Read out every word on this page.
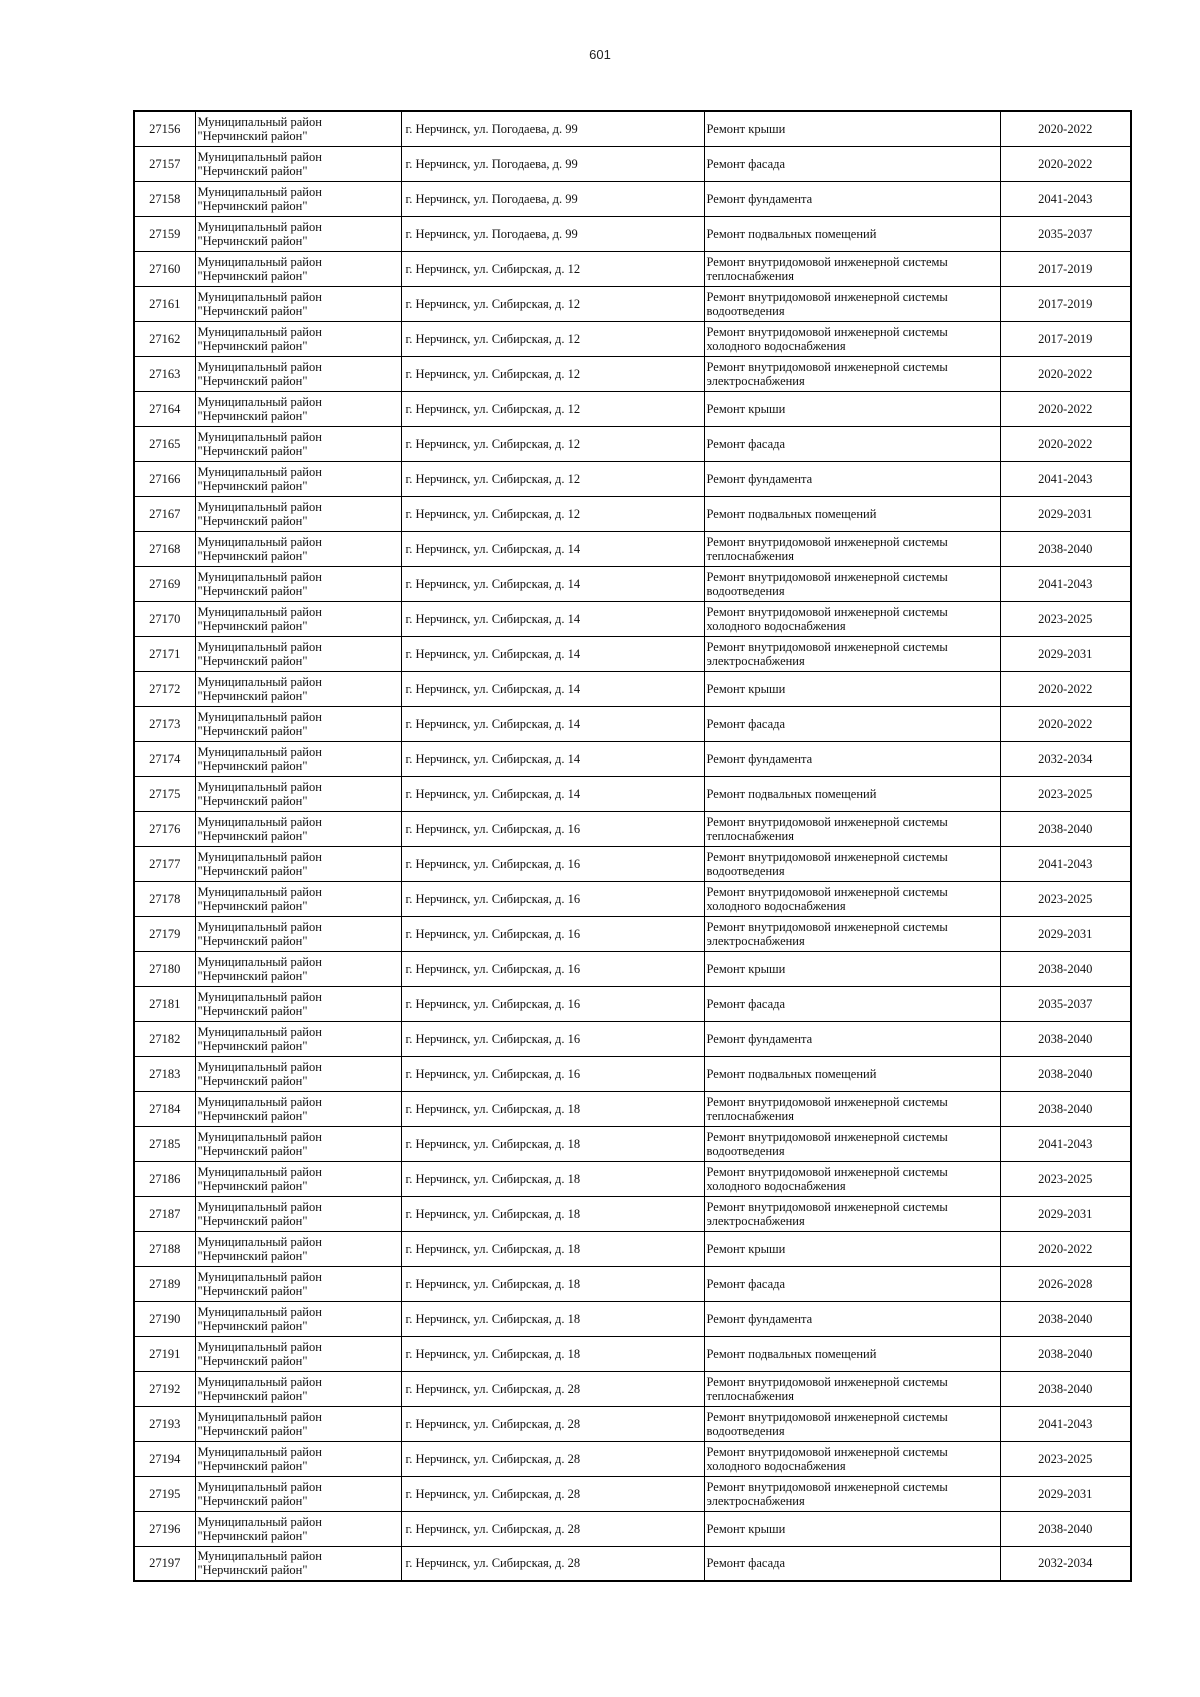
601
27156	Муниципальный район
"Нерчинский район"	г. Нерчинск, ул. Погодаева, д. 99	Ремонт крыши	2020-2022
27157	Муниципальный район
"Нерчинский район"	г. Нерчинск, ул. Погодаева, д. 99	Ремонт фасада	2020-2022
27158	Муниципальный район
"Нерчинский район"	г. Нерчинск, ул. Погодаева, д. 99	Ремонт фундамента	2041-2043
27159	Муниципальный район
"Нерчинский район"	г. Нерчинск, ул. Погодаева, д. 99	Ремонт подвальных помещений	2035-2037
27160	Муниципальный район
"Нерчинский район"	г. Нерчинск, ул. Сибирская, д. 12	Ремонт внутридомовой инженерной системы
теплоснабжения	2017-2019
27161	Муниципальный район
"Нерчинский район"	г. Нерчинск, ул. Сибирская, д. 12	Ремонт внутридомовой инженерной системы
водоотведения	2017-2019
27162	Муниципальный район
"Нерчинский район"	г. Нерчинск, ул. Сибирская, д. 12	Ремонт внутридомовой инженерной системы
холодного водоснабжения	2017-2019
27163	Муниципальный район
"Нерчинский район"	г. Нерчинск, ул. Сибирская, д. 12	Ремонт внутридомовой инженерной системы
электроснабжения	2020-2022
27164	Муниципальный район
"Нерчинский район"	г. Нерчинск, ул. Сибирская, д. 12	Ремонт крыши	2020-2022
27165	Муниципальный район
"Нерчинский район"	г. Нерчинск, ул. Сибирская, д. 12	Ремонт фасада	2020-2022
27166	Муниципальный район
"Нерчинский район"	г. Нерчинск, ул. Сибирская, д. 12	Ремонт фундамента	2041-2043
27167	Муниципальный район
"Нерчинский район"	г. Нерчинск, ул. Сибирская, д. 12	Ремонт подвальных помещений	2029-2031
27168	Муниципальный район
"Нерчинский район"	г. Нерчинск, ул. Сибирская, д. 14	Ремонт внутридомовой инженерной системы
теплоснабжения	2038-2040
27169	Муниципальный район
"Нерчинский район"	г. Нерчинск, ул. Сибирская, д. 14	Ремонт внутридомовой инженерной системы
водоотведения	2041-2043
27170	Муниципальный район
"Нерчинский район"	г. Нерчинск, ул. Сибирская, д. 14	Ремонт внутридомовой инженерной системы
холодного водоснабжения	2023-2025
27171	Муниципальный район
"Нерчинский район"	г. Нерчинск, ул. Сибирская, д. 14	Ремонт внутридомовой инженерной системы
электроснабжения	2029-2031
27172	Муниципальный район
"Нерчинский район"	г. Нерчинск, ул. Сибирская, д. 14	Ремонт крыши	2020-2022
27173	Муниципальный район
"Нерчинский район"	г. Нерчинск, ул. Сибирская, д. 14	Ремонт фасада	2020-2022
27174	Муниципальный район
"Нерчинский район"	г. Нерчинск, ул. Сибирская, д. 14	Ремонт фундамента	2032-2034
27175	Муниципальный район
"Нерчинский район"	г. Нерчинск, ул. Сибирская, д. 14	Ремонт подвальных помещений	2023-2025
27176	Муниципальный район
"Нерчинский район"	г. Нерчинск, ул. Сибирская, д. 16	Ремонт внутридомовой инженерной системы
теплоснабжения	2038-2040
27177	Муниципальный район
"Нерчинский район"	г. Нерчинск, ул. Сибирская, д. 16	Ремонт внутридомовой инженерной системы
водоотведения	2041-2043
27178	Муниципальный район
"Нерчинский район"	г. Нерчинск, ул. Сибирская, д. 16	Ремонт внутридомовой инженерной системы
холодного водоснабжения	2023-2025
27179	Муниципальный район
"Нерчинский район"	г. Нерчинск, ул. Сибирская, д. 16	Ремонт внутридомовой инженерной системы
электроснабжения	2029-2031
27180	Муниципальный район
"Нерчинский район"	г. Нерчинск, ул. Сибирская, д. 16	Ремонт крыши	2038-2040
27181	Муниципальный район
"Нерчинский район"	г. Нерчинск, ул. Сибирская, д. 16	Ремонт фасада	2035-2037
27182	Муниципальный район
"Нерчинский район"	г. Нерчинск, ул. Сибирская, д. 16	Ремонт фундамента	2038-2040
27183	Муниципальный район
"Нерчинский район"	г. Нерчинск, ул. Сибирская, д. 16	Ремонт подвальных помещений	2038-2040
27184	Муниципальный район
"Нерчинский район"	г. Нерчинск, ул. Сибирская, д. 18	Ремонт внутридомовой инженерной системы
теплоснабжения	2038-2040
27185	Муниципальный район
"Нерчинский район"	г. Нерчинск, ул. Сибирская, д. 18	Ремонт внутридомовой инженерной системы
водоотведения	2041-2043
27186	Муниципальный район
"Нерчинский район"	г. Нерчинск, ул. Сибирская, д. 18	Ремонт внутридомовой инженерной системы
холодного водоснабжения	2023-2025
27187	Муниципальный район
"Нерчинский район"	г. Нерчинск, ул. Сибирская, д. 18	Ремонт внутридомовой инженерной системы
электроснабжения	2029-2031
27188	Муниципальный район
"Нерчинский район"	г. Нерчинск, ул. Сибирская, д. 18	Ремонт крыши	2020-2022
27189	Муниципальный район
"Нерчинский район"	г. Нерчинск, ул. Сибирская, д. 18	Ремонт фасада	2026-2028
27190	Муниципальный район
"Нерчинский район"	г. Нерчинск, ул. Сибирская, д. 18	Ремонт фундамента	2038-2040
27191	Муниципальный район
"Нерчинский район"	г. Нерчинск, ул. Сибирская, д. 18	Ремонт подвальных помещений	2038-2040
27192	Муниципальный район
"Нерчинский район"	г. Нерчинск, ул. Сибирская, д. 28	Ремонт внутридомовой инженерной системы
теплоснабжения	2038-2040
27193	Муниципальный район
"Нерчинский район"	г. Нерчинск, ул. Сибирская, д. 28	Ремонт внутридомовой инженерной системы
водоотведения	2041-2043
27194	Муниципальный район
"Нерчинский район"	г. Нерчинск, ул. Сибирская, д. 28	Ремонт внутридомовой инженерной системы
холодного водоснабжения	2023-2025
27195	Муниципальный район
"Нерчинский район"	г. Нерчинск, ул. Сибирская, д. 28	Ремонт внутридомовой инженерной системы
электроснабжения	2029-2031
27196	Муниципальный район
"Нерчинский район"	г. Нерчинск, ул. Сибирская, д. 28	Ремонт крыши	2038-2040
27197	Муниципальный район
"Нерчинский район"	г. Нерчинск, ул. Сибирская, д. 28	Ремонт фасада	2032-2034
